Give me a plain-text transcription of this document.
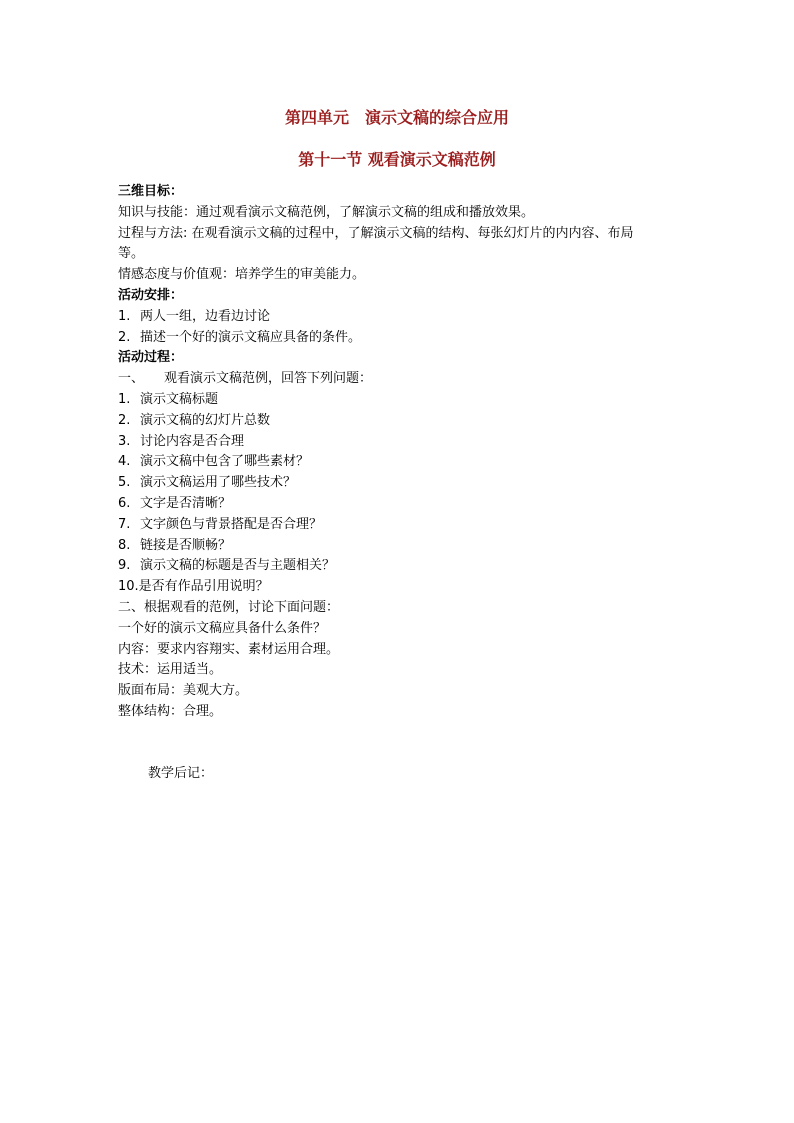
第四单元　演示文稿的综合应用
第十一节 观看演示文稿范例
三维目标：
知识与技能：通过观看演示文稿范例，了解演示文稿的组成和播放效果。
过程与方法: 在观看演示文稿的过程中，了解演示文稿的结构、每张幻灯片的内内容、布局
等。
情感态度与价值观：培养学生的审美能力。
活动安排：
1. 两人一组，边看边讨论
2. 描述一个好的演示文稿应具备的条件。
活动过程：
一、 观看演示文稿范例，回答下列问题：
1. 演示文稿标题
2. 演示文稿的幻灯片总数
3. 讨论内容是否合理
4. 演示文稿中包含了哪些素材？
5. 演示文稿运用了哪些技术？
6. 文字是否清晰？
7. 文字颜色与背景搭配是否合理？
8. 链接是否顺畅？
9. 演示文稿的标题是否与主题相关？
10.是否有作品引用说明？
二、根据观看的范例，讨论下面问题：
一个好的演示文稿应具备什么条件？
内容：要求内容翔实、素材运用合理。
技术：运用适当。
版面布局：美观大方。
整体结构：合理。
教学后记：
